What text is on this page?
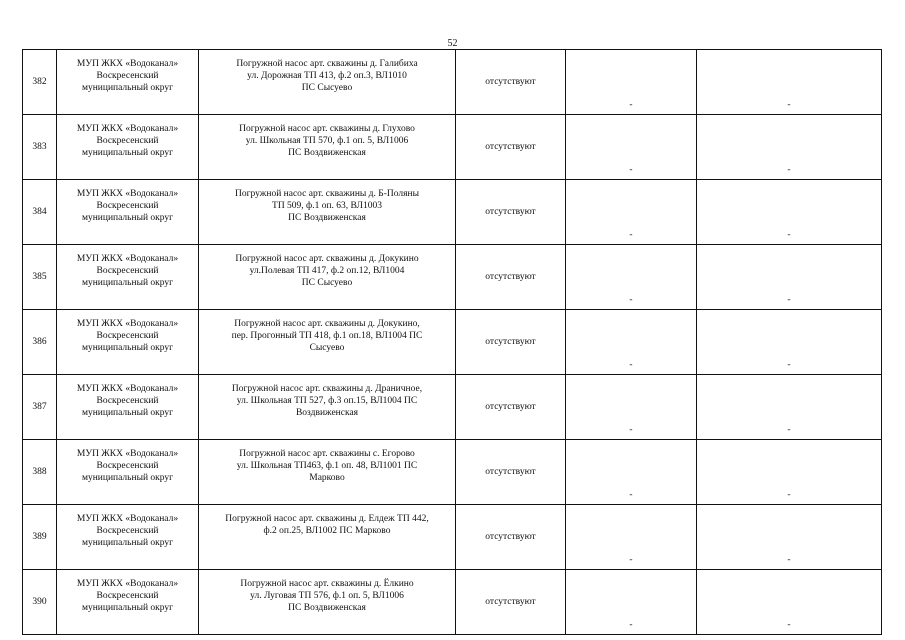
52
382	МУП ЖКХ «Водоканал»
Воскресенский
муниципальный округ	Погружной насос арт. скважины д. Галибиха
ул. Дорожная ТП 413, ф.2 оп.3, ВЛ1010
ПС Сысуево	отсутствуют	-	-
383	МУП ЖКХ «Водоканал»
Воскресенский
муниципальный округ	Погружной насос арт. скважины д. Глухово
ул. Школьная ТП 570, ф.1 оп. 5, ВЛ1006
ПС Воздвиженская	отсутствуют	-	-
384	МУП ЖКХ «Водоканал»
Воскресенский
муниципальный округ	Погружной насос арт. скважины д. Б-Поляны
ТП 509, ф.1 оп. 63, ВЛ1003
ПС Воздвиженская	отсутствуют	-	-
385	МУП ЖКХ «Водоканал»
Воскресенский
муниципальный округ	Погружной насос арт. скважины д. Докукино
ул.Полевая ТП 417, ф.2 оп.12, ВЛ1004
ПС Сысуево	отсутствуют	-	-
386	МУП ЖКХ «Водоканал»
Воскресенский
муниципальный округ	Погружной насос арт. скважины д. Докукино,
пер. Прогонный ТП 418, ф.1 оп.18, ВЛ1004 ПС
Сысуево	отсутствуют	-	-
387	МУП ЖКХ «Водоканал»
Воскресенский
муниципальный округ	Погружной насос арт. скважины д. Драничное,
ул. Школьная ТП 527, ф.3 оп.15, ВЛ1004 ПС
Воздвиженская	отсутствуют	-	-
388	МУП ЖКХ «Водоканал»
Воскресенский
муниципальный округ	Погружной насос арт. скважины с. Егорово
ул. Школьная ТП463, ф.1 оп. 48, ВЛ1001 ПС
Марково	отсутствуют	-	-
389	МУП ЖКХ «Водоканал»
Воскресенский
муниципальный округ	Погружной насос арт. скважины д. Елдеж ТП 442,
ф.2 оп.25, ВЛ1002 ПС Марково	отсутствуют	-	-
390	МУП ЖКХ «Водоканал»
Воскресенский
муниципальный округ	Погружной насос арт. скважины д. Ёлкино
ул. Луговая ТП 576, ф.1 оп. 5, ВЛ1006
ПС Воздвиженская	отсутствуют	-	-
